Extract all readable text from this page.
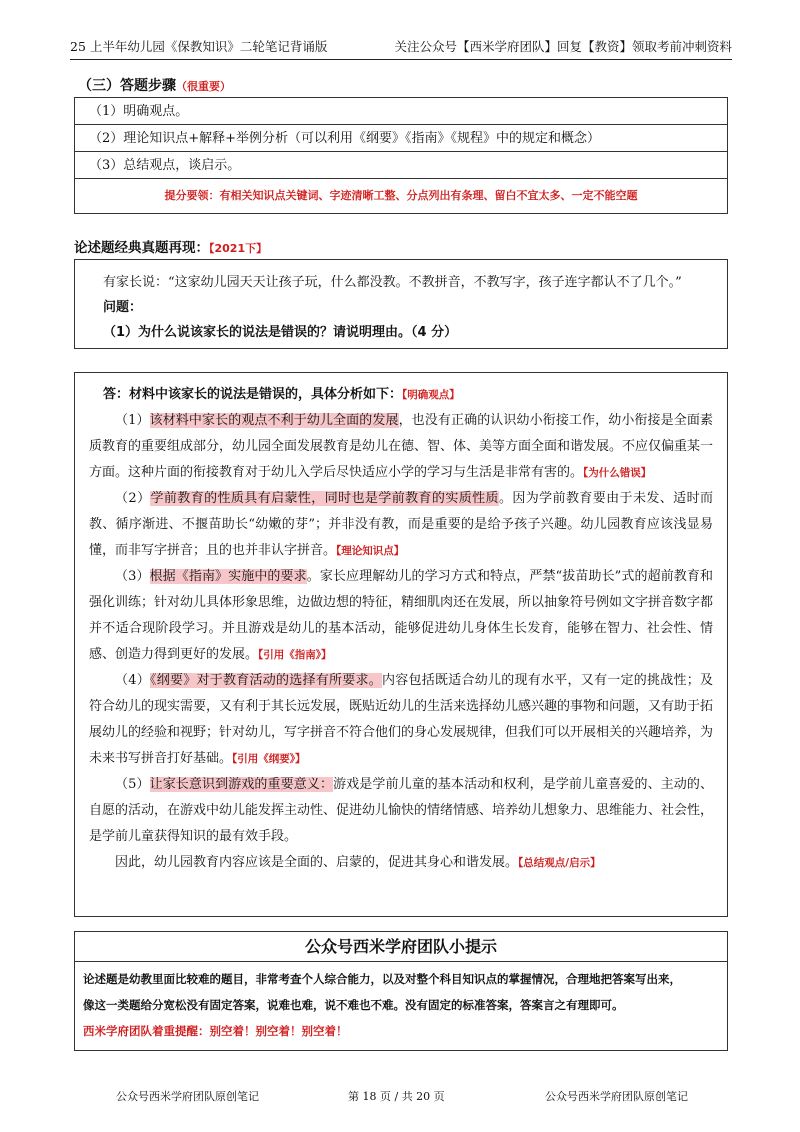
25 上半年幼儿园《保教知识》二轮笔记背诵版	关注公众号【西米学府团队】回复【教资】领取考前冲刺资料
（三）答题步骤（很重要）
（1）明确观点。
（2）理论知识点+解释+举例分析（可以利用《纲要》《指南》《规程》中的规定和概念）
（3）总结观点，谈启示。
提分要领：有相关知识点关键词、字迹清晰工整、分点列出有条理、留白不宜太多、一定不能空题
论述题经典真题再现：【2021下】

有家长说：“这家幼儿园天天让孩子玩，什么都没教。不教拼音，不教写字，孩子连字都认不了几个。”

问题：

（1）为什么说该家长的说法是错误的？请说明理由。（4 分）

答：材料中该家长的说法是错误的，具体分析如下：【明确观点】

（1）该材料中家长的观点不利于幼儿全面的发展，也没有正确的认识幼小衔接工作，幼小衔接是全面素质教育的重要组成部分，幼儿园全面发展教育是幼儿在德、智、体、美等方面全面和谐发展。不应仅偏重某一方面。这种片面的衔接教育对于幼儿入学后尽快适应小学的学习与生活是非常有害的。【为什么错误】

（2）学前教育的性质具有启蒙性，同时也是学前教育的实质性质。因为学前教育要由于未发、适时而教、循序渐进、不揠苗助长“幼嫩的芽”；并非没有教，而是重要的是给予孩子兴趣。幼儿园教育应该浅显易懂，而非写字拼音；且的也并非认字拼音。【理论知识点】

（3）根据《指南》实施中的要求。家长应理解幼儿的学习方式和特点，严禁“拔苗助长”式的超前教育和强化训练；针对幼儿具体形象思维，边做边想的特征，精细肌肉还在发展，所以抽象符号例如文字拼音数字都并不适合现阶段学习。并且游戏是幼儿的基本活动，能够促进幼儿身体生长发育，能够在智力、社会性、情感、创造力得到更好的发展。【引用《指南》】

（4）《纲要》对于教育活动的选择有所要求。内容包括既适合幼儿的现有水平，又有一定的挑战性；及符合幼儿的现实需要，又有利于其长远发展，既贴近幼儿的生活来选择幼儿感兴趣的事物和问题，又有助于拓展幼儿的经验和视野；针对幼儿，写字拼音不符合他们的身心发展规律，但我们可以开展相关的兴趣培养，为未来书写拼音打好基础。【引用《纲要》】

（5）让家长意识到游戏的重要意义：游戏是学前儿童的基本活动和权利，是学前儿童喜爱的、主动的、自愿的活动，在游戏中幼儿能发挥主动性、促进幼儿愉快的情绪情感、培养幼儿想象力、思维能力、社会性，是学前儿童获得知识的最有效手段。

因此，幼儿园教育内容应该是全面的、启蒙的，促进其身心和谐发展。【总结观点/启示】

公众号西米学府团队小提示

论述题是幼教里面比较难的题目，非常考查个人综合能力，以及对整个科目知识点的掌握情况，合理地把答案写出来，

像这一类题给分宽松没有固定答案，说难也难，说不难也不难。没有固定的标准答案，答案言之有理即可。

西米学府团队着重提醒：别空着！别空着！别空着！

公众号西米学府团队原创笔记	第 18 页 / 共 20 页	公众号西米学府团队原创笔记
